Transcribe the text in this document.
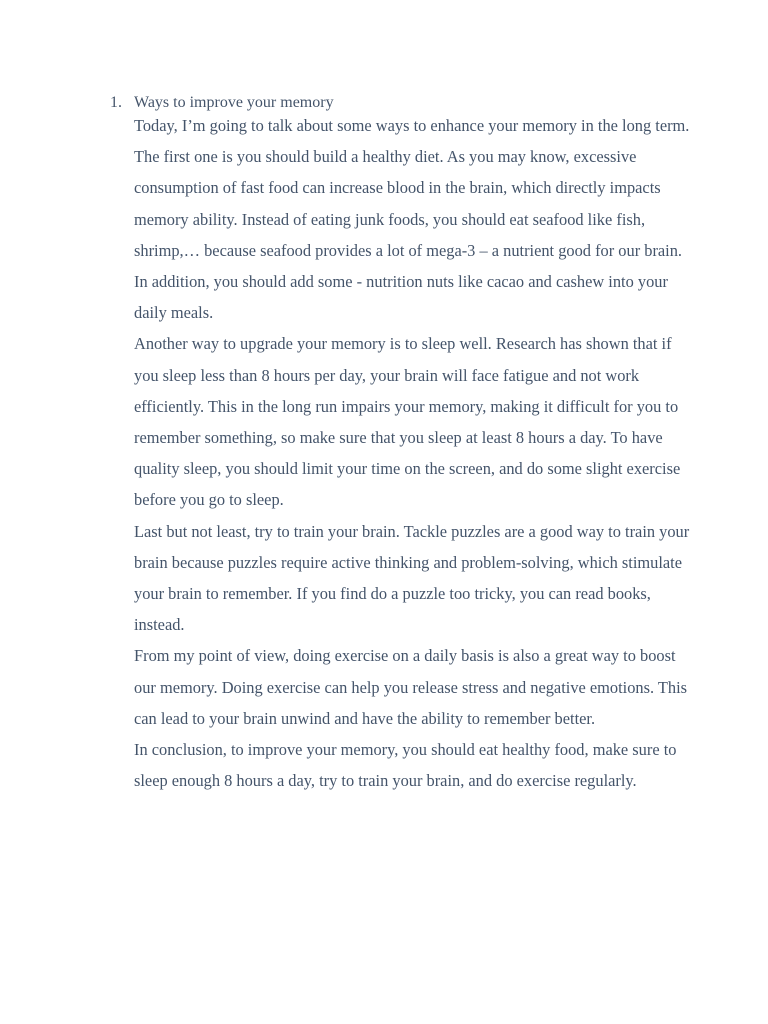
1. Ways to improve your memory

Today, I’m going to talk about some ways to enhance your memory in the long term. The first one is you should build a healthy diet. As you may know, excessive consumption of fast food can increase blood in the brain, which directly impacts memory ability. Instead of eating junk foods, you should eat seafood like fish, shrimp,… because seafood provides a lot of mega-3 – a nutrient good for our brain. In addition, you should add some - nutrition nuts like cacao and cashew into your daily meals.

Another way to upgrade your memory is to sleep well. Research has shown that if you sleep less than 8 hours per day, your brain will face fatigue and not work efficiently. This in the long run impairs your memory, making it difficult for you to remember something, so make sure that you sleep at least 8 hours a day. To have quality sleep, you should limit your time on the screen, and do some slight exercise before you go to sleep.

Last but not least, try to train your brain. Tackle puzzles are a good way to train your brain because puzzles require active thinking and problem-solving, which stimulate your brain to remember. If you find do a puzzle too tricky, you can read books, instead.

From my point of view, doing exercise on a daily basis is also a great way to boost our memory. Doing exercise can help you release stress and negative emotions. This can lead to your brain unwind and have the ability to remember better.

In conclusion, to improve your memory, you should eat healthy food, make sure to sleep enough 8 hours a day, try to train your brain, and do exercise regularly.
